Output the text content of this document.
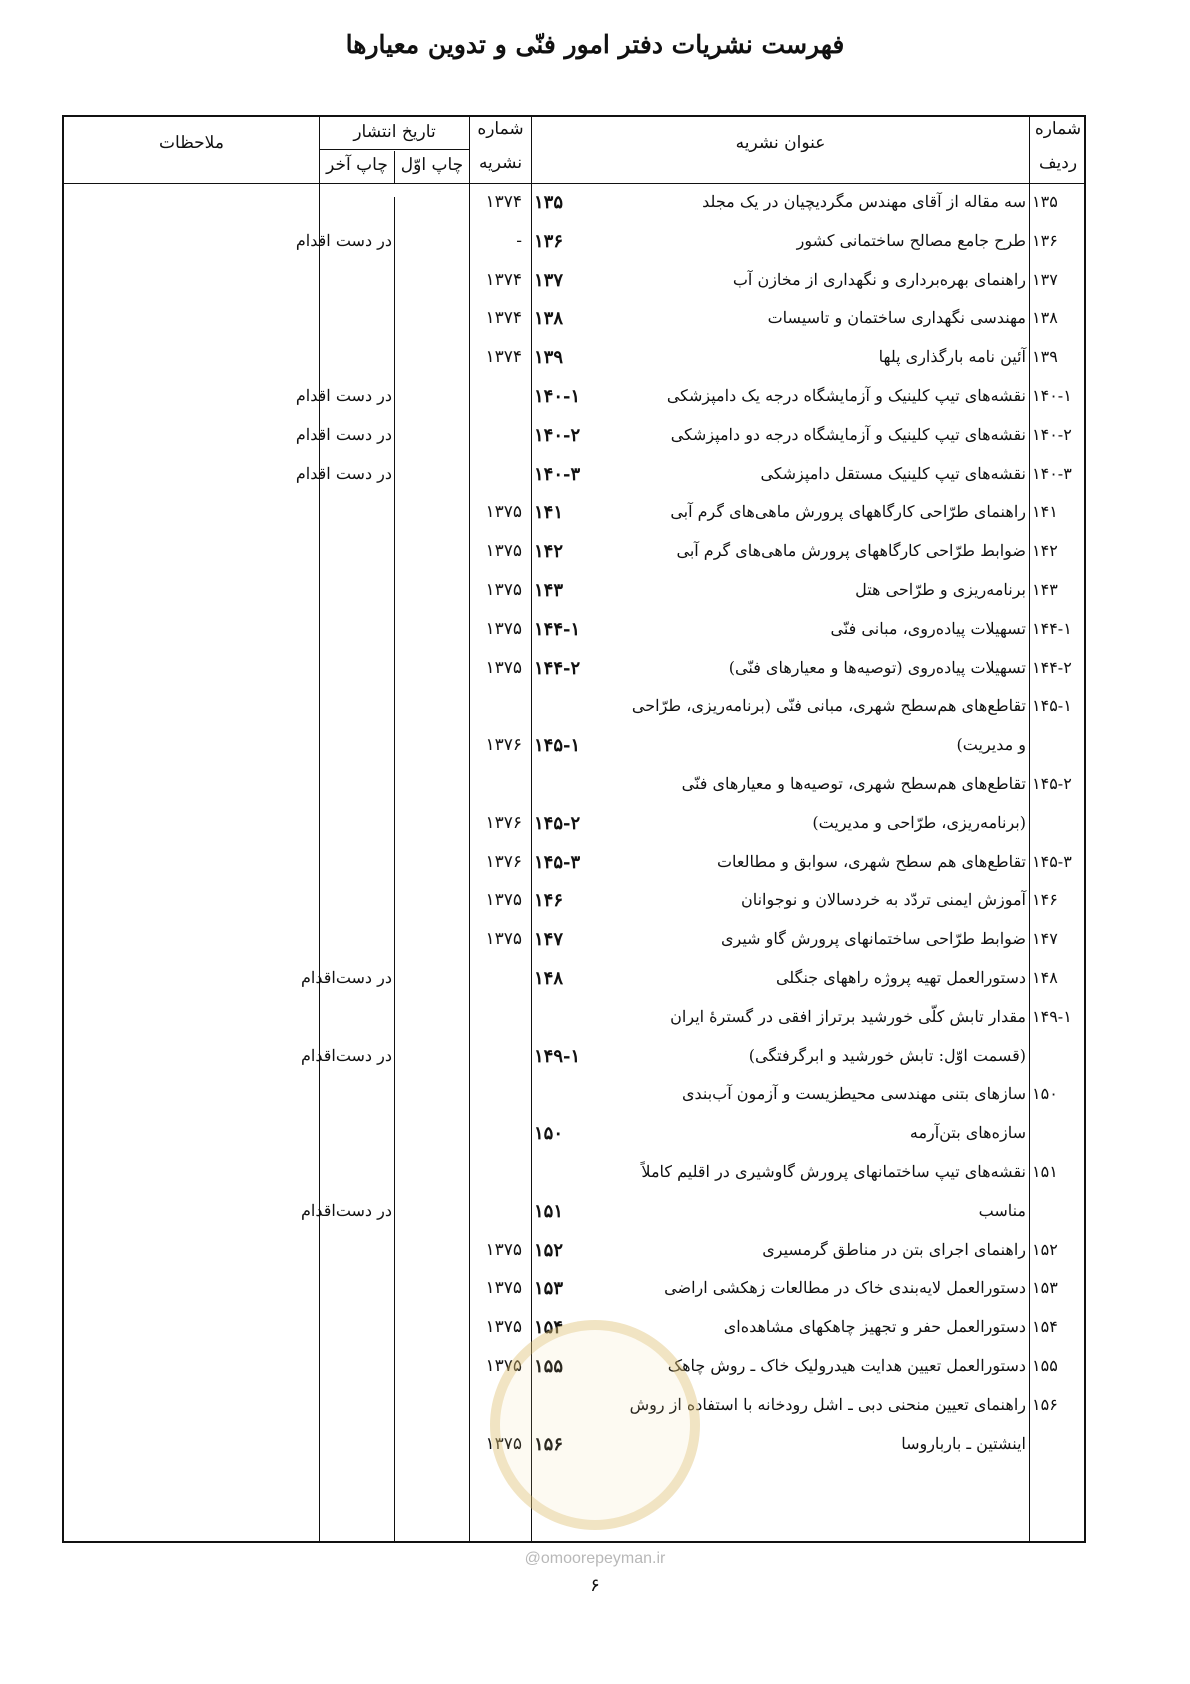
فهرست نشریات دفتر امور فنّی و تدوین معیارها
شماره
ردیف
عنوان نشریه
شماره
نشریه
تاریخ انتشار
چاپ اوّل
چاپ آخر
ملاحظات
۱۳۵
سه مقاله از آقای مهندس مگردیچیان در یک مجلد
۱۳۵
۱۳۷۴
۱۳۶
طرح جامع مصالح ساختمانی کشور
۱۳۶
-
در دست اقدام
۱۳۷
راهنمای بهره‌برداری و نگهداری از مخازن آب
۱۳۷
۱۳۷۴
۱۳۸
مهندسی نگهداری ساختمان و تاسیسات
۱۳۸
۱۳۷۴
۱۳۹
آئین نامه بارگذاری پلها
۱۳۹
۱۳۷۴
۱۴۰-۱
نقشه‌های تیپ کلینیک و آزمایشگاه درجه یک دامپزشکی
۱۴۰-۱
در دست اقدام
۱۴۰-۲
نقشه‌های تیپ کلینیک و آزمایشگاه درجه دو دامپزشکی
۱۴۰-۲
در دست اقدام
۱۴۰-۳
نقشه‌های تیپ کلینیک مستقل دامپزشکی
۱۴۰-۳
در دست اقدام
۱۴۱
راهنمای طرّاحی کارگاههای پرورش ماهی‌های گرم آبی
۱۴۱
۱۳۷۵
۱۴۲
ضوابط طرّاحی کارگاههای پرورش ماهی‌های گرم آبی
۱۴۲
۱۳۷۵
۱۴۳
برنامه‌ریزی و طرّاحی هتل
۱۴۳
۱۳۷۵
۱۴۴-۱
تسهیلات پیاده‌روی، مبانی فنّی
۱۴۴-۱
۱۳۷۵
۱۴۴-۲
تسهیلات پیاده‌روی (توصیه‌ها و معیارهای فنّی)
۱۴۴-۲
۱۳۷۵
۱۴۵-۱
تقاطع‌های هم‌سطح شهری، مبانی فنّی (برنامه‌ریزی، طرّاحی
و مدیریت)
۱۴۵-۱
۱۳۷۶
۱۴۵-۲
تقاطع‌های هم‌سطح شهری، توصیه‌ها و معیارهای فنّی
(برنامه‌ریزی، طرّاحی و مدیریت)
۱۴۵-۲
۱۳۷۶
۱۴۵-۳
تقاطع‌های هم سطح شهری، سوابق و مطالعات
۱۴۵-۳
۱۳۷۶
۱۴۶
آموزش ایمنی تردّد به خردسالان و نوجوانان
۱۴۶
۱۳۷۵
۱۴۷
ضوابط طرّاحی ساختمانهای پرورش گاو شیری
۱۴۷
۱۳۷۵
۱۴۸
دستورالعمل تهیه پروژه راههای جنگلی
۱۴۸
در دست‌اقدام
۱۴۹-۱
مقدار تابش کلّی خورشید برتراز افقی در گسترهٔ ایران
(قسمت اوّل: تابش خورشید و ابرگرفتگی)
۱۴۹-۱
در دست‌اقدام
۱۵۰
سازهای بتنی مهندسی محیطزیست و آزمون آب‌بندی
سازه‌های بتن‌آرمه
۱۵۰
۱۵۱
نقشه‌های تیپ ساختمانهای پرورش گاوشیری در اقلیم کاملاً
مناسب
۱۵۱
در دست‌اقدام
۱۵۲
راهنمای اجرای بتن در مناطق گرمسیری
۱۵۲
۱۳۷۵
۱۵۳
دستورالعمل لایه‌بندی خاک در مطالعات زهکشی اراضی
۱۵۳
۱۳۷۵
۱۵۴
دستورالعمل حفر و تجهیز چاهکهای مشاهده‌ای
۱۵۴
۱۳۷۵
۱۵۵
دستورالعمل تعیین هدایت هیدرولیک خاک ـ روش چاهک
۱۵۵
۱۳۷۵
۱۵۶
راهنمای تعیین منحنی دبی ـ اشل رودخانه با استفاده از روش
اینشتین ـ بارباروسا
۱۵۶
۱۳۷۵
@omoorepeyman.ir
۶
